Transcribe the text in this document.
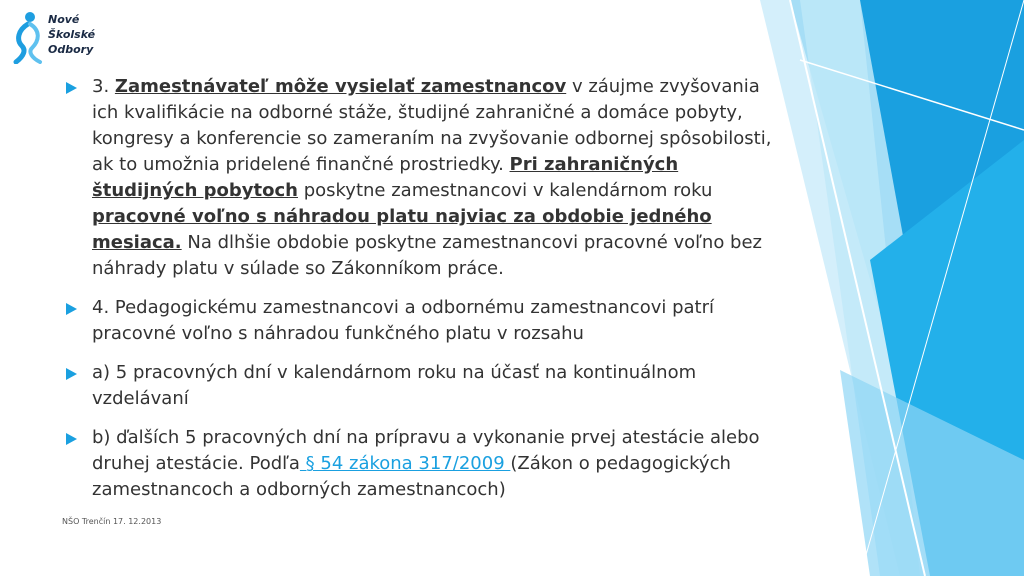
Nové
Školské
Odbory
3. Zamestnávateľ môže vysielať zamestnancov v záujme zvyšovania ich kvalifikácie na odborné stáže, študijné zahraničné a domáce pobyty, kongresy a konferencie so zameraním na zvyšovanie odbornej spôsobilosti, ak to umožnia pridelené finančné prostriedky. Pri zahraničných študijných pobytoch poskytne zamestnancovi v kalendárnom roku pracovné voľno s náhradou platu najviac za obdobie jedného mesiaca. Na dlhšie obdobie poskytne zamestnancovi pracovné voľno bez náhrady platu v súlade so Zákonníkom práce.
4. Pedagogickému zamestnancovi a odbornému zamestnancovi patrí pracovné voľno s náhradou funkčného platu v rozsahu
a) 5 pracovných dní v kalendárnom roku na účasť na kontinuálnom vzdelávaní
b) ďalších 5 pracovných dní na prípravu a vykonanie prvej atestácie alebo druhej atestácie. Podľa § 54 zákona 317/2009 (Zákon o pedagogických zamestnancoch a odborných zamestnancoch)
NŠO Trenčín 17. 12.2013
